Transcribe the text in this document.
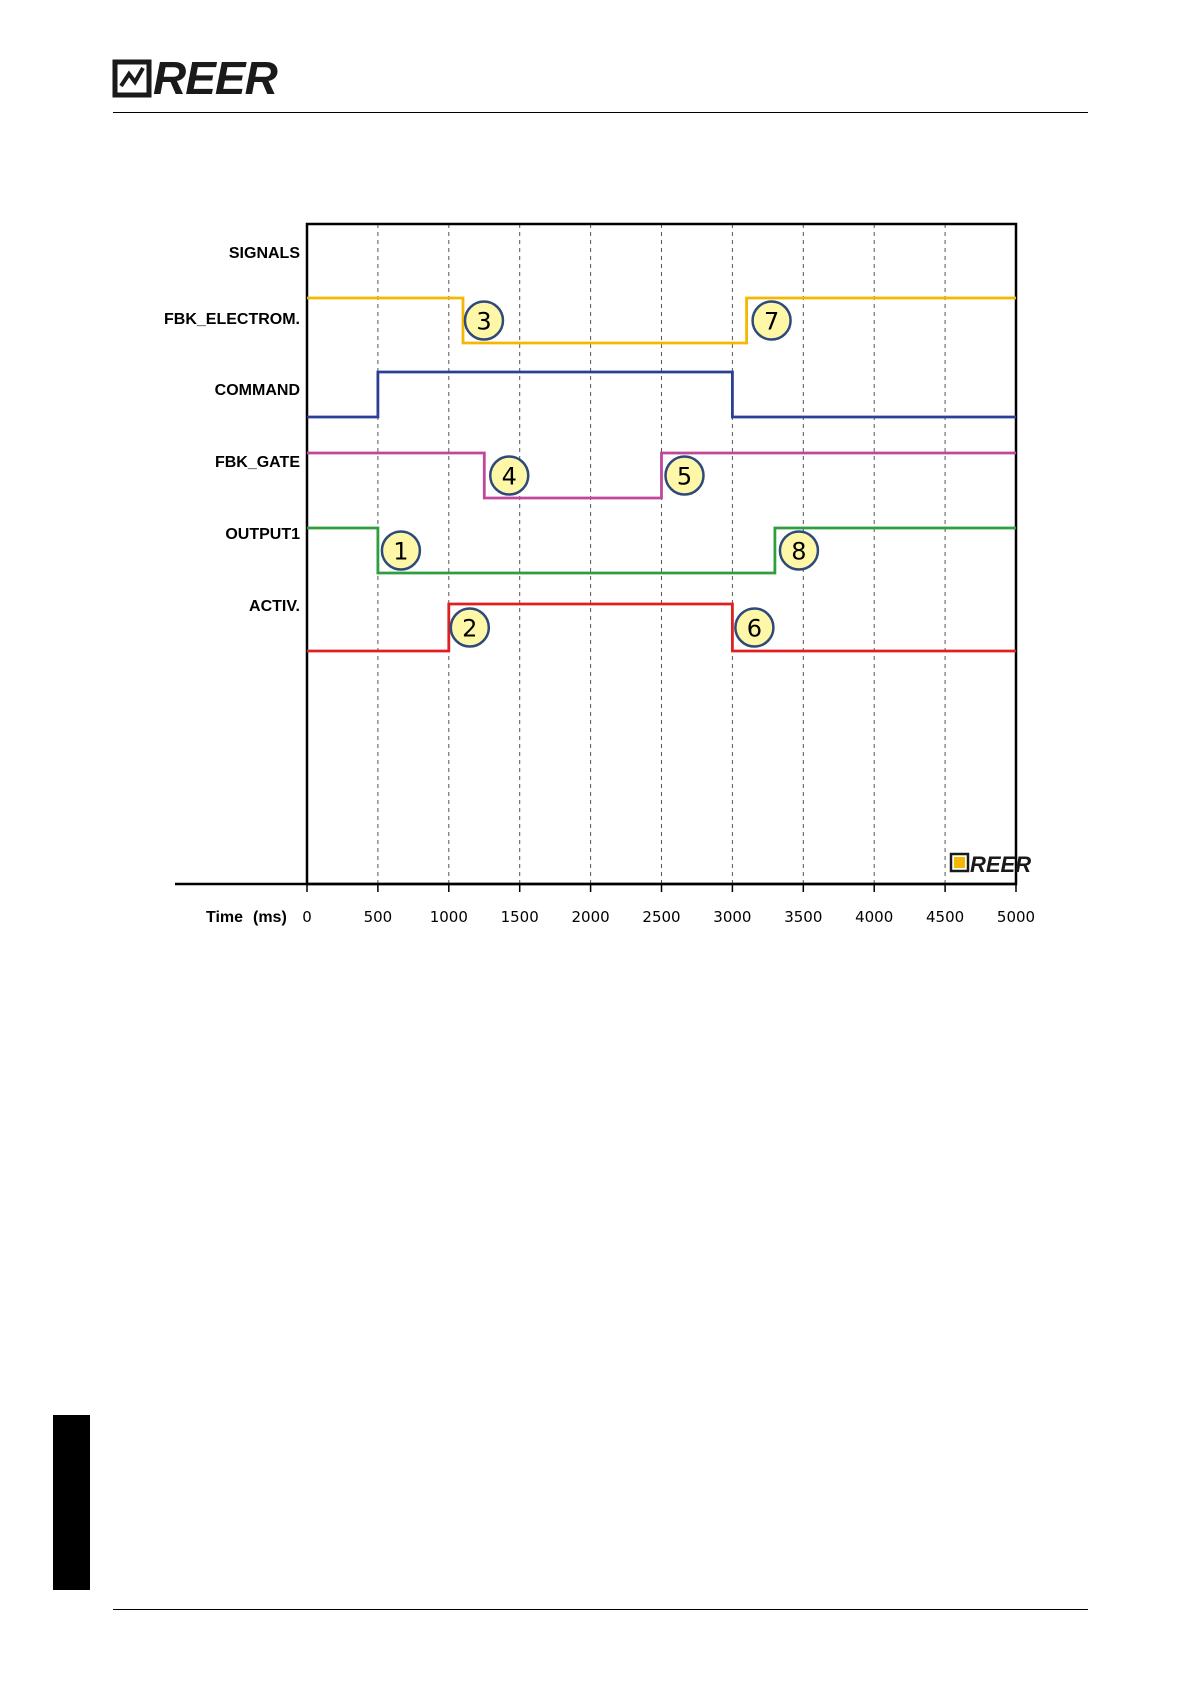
REER
SIGNALS
FBK_ELECTROM.
COMMAND
FBK_GATE
OUTPUT1
ACTIV.
1
2
3
4	5
6
7
8
0	500 1000 1500 2000 2500 3000 3500 4000 4500 5000
Time (ms)
REER
